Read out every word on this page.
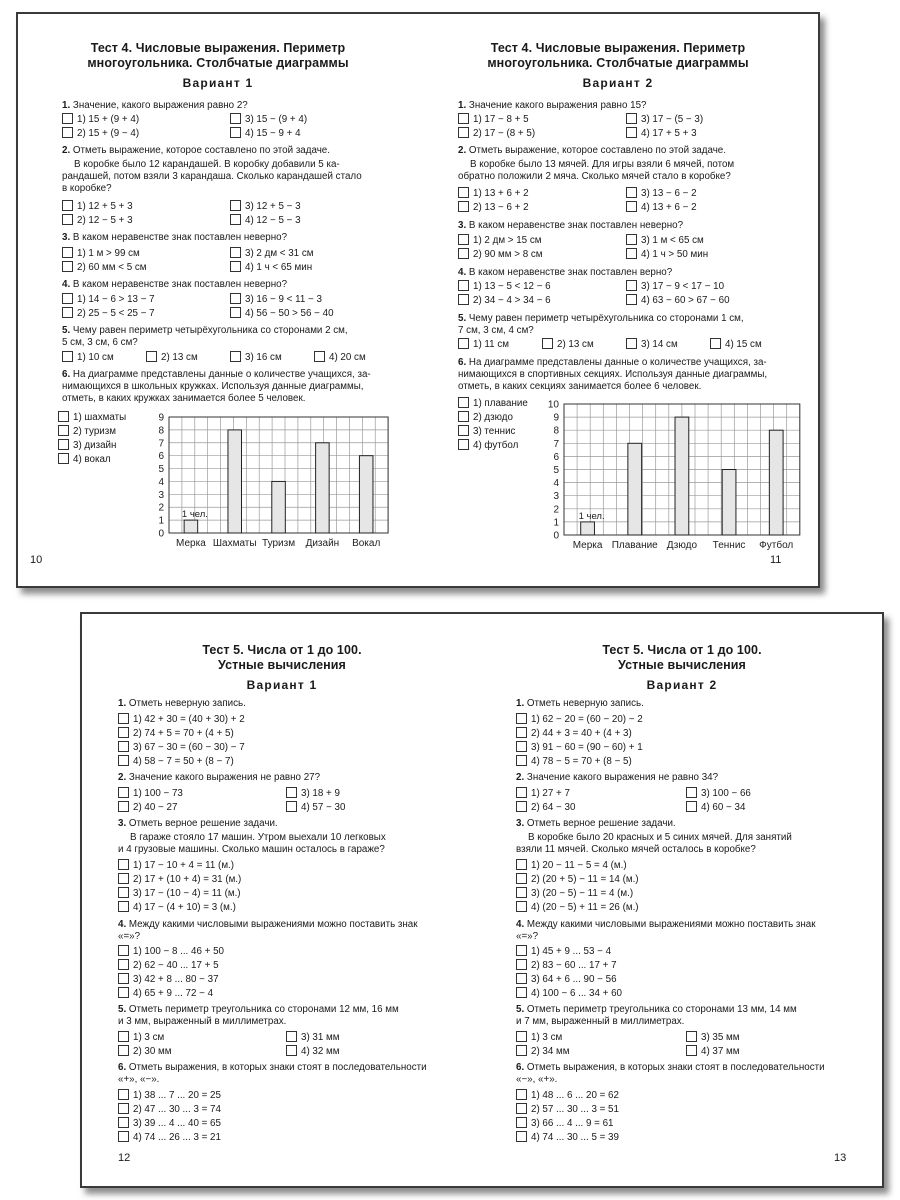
Тест 4. Числовые выражения. Периметр
многоугольника. Столбчатые диаграммы
Вариант 1
1. Значение, какого выражения равно 2?
1) 15 + (9 + 4)	3) 15 − (9 + 4)
2) 15 + (9 − 4)	4) 15 − 9 + 4
2. Отметь выражение, которое составлено по этой задаче.
В коробке было 12 карандашей. В коробку добавили 5 ка-
рандашей, потом взяли 3 карандаша. Сколько карандашей стало
в коробке?
1) 12 + 5 + 3	3) 12 + 5 − 3
2) 12 − 5 + 3	4) 12 − 5 − 3
3. В каком неравенстве знак поставлен неверно?
1) 1 м > 99 см	3) 2 дм < 31 см
2) 60 мм < 5 см	4) 1 ч < 65 мин
4. В каком неравенстве знак поставлен неверно?
1) 14 − 6 > 13 − 7	3) 16 − 9 < 11 − 3
2) 25 − 5 < 25 − 7	4) 56 − 50 > 56 − 40
5. Чему равен периметр четырёхугольника со сторонами 2 см,
5 см, 3 см, 6 см?
1) 10 см	2) 13 см	3) 16 см	4) 20 см
6. На диаграмме представлены данные о количестве учащихся, за-
нимающихся в школьных кружках. Используя данные диаграммы,
отметь, в каких кружках занимается более 5 человек.
1) шахматы
2) туризм
3) дизайн
4) вокал
0
1
2
3
4
5
6
7
8
9
Мерка Шахматы Туризм Дизайн Вокал
1 чел.
10
Тест 4. Числовые выражения. Периметр
многоугольника. Столбчатые диаграммы
Вариант 2
1. Значение какого выражения равно 15?
1) 17 − 8 + 5	3) 17 − (5 − 3)
2) 17 − (8 + 5)	4) 17 + 5 + 3
2. Отметь выражение, которое составлено по этой задаче.
В коробке было 13 мячей. Для игры взяли 6 мячей, потом
обратно положили 2 мяча. Сколько мячей стало в коробке?
1) 13 + 6 + 2	3) 13 − 6 − 2
2) 13 − 6 + 2	4) 13 + 6 − 2
3. В каком неравенстве знак поставлен неверно?
1) 2 дм > 15 см	3) 1 м < 65 см
2) 90 мм > 8 см	4) 1 ч > 50 мин
4. В каком неравенстве знак поставлен верно?
1) 13 − 5 < 12 − 6	3) 17 − 9 < 17 − 10
2) 34 − 4 > 34 − 6	4) 63 − 60 > 67 − 60
5. Чему равен периметр четырёхугольника со сторонами 1 см,
7 см, 3 см, 4 см?
1) 11 см	2) 13 см	3) 14 см	4) 15 см
6. На диаграмме представлены данные о количестве учащихся, за-
нимающихся в спортивных секциях. Используя данные диаграммы,
отметь, в каких секциях занимается более 6 человек.
1) плавание
2) дзюдо
3) теннис
4) футбол
0
1
2
3
4
5
6
7
8
9
10
Мерка Плавание Дзюдо Теннис Футбол
1 чел.
11
Тест 5. Числа от 1 до 100.
Устные вычисления
Вариант 1
1. Отметь неверную запись.
1) 42 + 30 = (40 + 30) + 2
2) 74 + 5 = 70 + (4 + 5)
3) 67 − 30 = (60 − 30) − 7
4) 58 − 7 = 50 + (8 − 7)
2. Значение какого выражения не равно 27?
1) 100 − 73	3) 18 + 9
2) 40 − 27	4) 57 − 30
3. Отметь верное решение задачи.
В гараже стояло 17 машин. Утром выехали 10 легковых
и 4 грузовые машины. Сколько машин осталось в гараже?
1) 17 − 10 + 4 = 11 (м.)
2) 17 + (10 + 4) = 31 (м.)
3) 17 − (10 − 4) = 11 (м.)
4) 17 − (4 + 10) = 3 (м.)
4. Между какими числовыми выражениями можно поставить знак
«=»?
1) 100 − 8 ... 46 + 50
2) 62 − 40 ... 17 + 5
3) 42 + 8 ... 80 − 37
4) 65 + 9 ... 72 − 4
5. Отметь периметр треугольника со сторонами 12 мм, 16 мм
и 3 мм, выраженный в миллиметрах.
1) 3 см	3) 31 мм
2) 30 мм	4) 32 мм
6. Отметь выражения, в которых знаки стоят в последовательности
«+», «−».
1) 38 ... 7 ... 20 = 25
2) 47 ... 30 ... 3 = 74
3) 39 ... 4 ... 40 = 65
4) 74 ... 26 ... 3 = 21
12
Тест 5. Числа от 1 до 100.
Устные вычисления
Вариант 2
1. Отметь неверную запись.
1) 62 − 20 = (60 − 20) − 2
2) 44 + 3 = 40 + (4 + 3)
3) 91 − 60 = (90 − 60) + 1
4) 78 − 5 = 70 + (8 − 5)
2. Значение какого выражения не равно 34?
1) 27 + 7	3) 100 − 66
2) 64 − 30	4) 60 − 34
3. Отметь верное решение задачи.
В коробке было 20 красных и 5 синих мячей. Для занятий
взяли 11 мячей. Сколько мячей осталось в коробке?
1) 20 − 11 − 5 = 4 (м.)
2) (20 + 5) − 11 = 14 (м.)
3) (20 − 5) − 11 = 4 (м.)
4) (20 − 5) + 11 = 26 (м.)
4. Между какими числовыми выражениями можно поставить знак
«=»?
1) 45 + 9 ... 53 − 4
2) 83 − 60 ... 17 + 7
3) 64 + 6 ... 90 − 56
4) 100 − 6 ... 34 + 60
5. Отметь периметр треугольника со сторонами 13 мм, 14 мм
и 7 мм, выраженный в миллиметрах.
1) 3 см	3) 35 мм
2) 34 мм	4) 37 мм
6. Отметь выражения, в которых знаки стоят в последовательности
«−», «+».
1) 48 ... 6 ... 20 = 62
2) 57 ... 30 ... 3 = 51
3) 66 ... 4 ... 9 = 61
4) 74 ... 30 ... 5 = 39
13
